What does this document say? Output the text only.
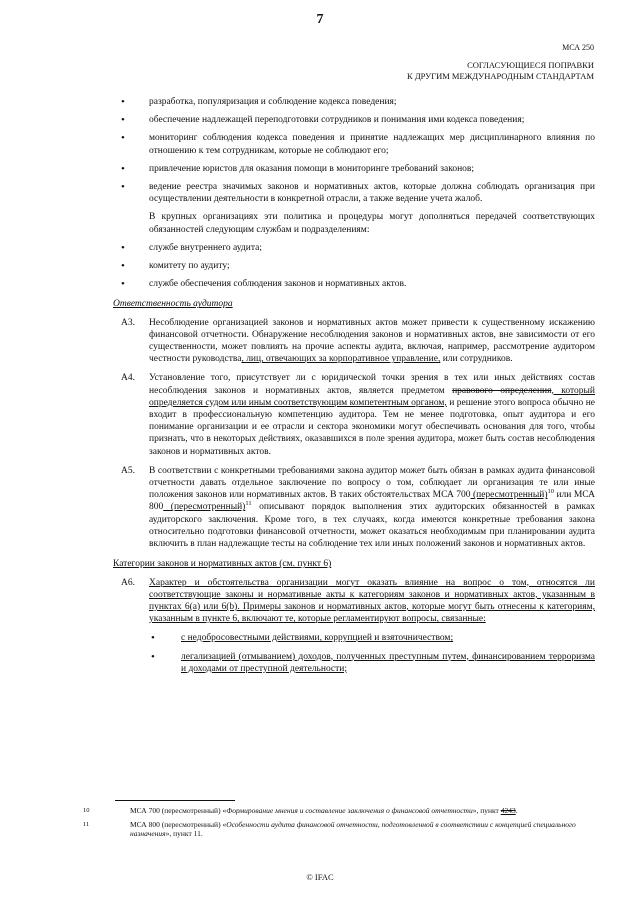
7
МСА 250
СОГЛАСУЮЩИЕСЯ ПОПРАВКИ
К ДРУГИМ МЕЖДУНАРОДНЫМ СТАНДАРТАМ
• разработка, популяризация и соблюдение кодекса поведения;
• обеспечение надлежащей переподготовки сотрудников и понимания ими кодекса поведения;
• мониторинг соблюдения кодекса поведения и принятие надлежащих мер дисциплинарного влияния по отношению к тем сотрудникам, которые не соблюдают его;
• привлечение юристов для оказания помощи в мониторинге требований законов;
• ведение реестра значимых законов и нормативных актов, которые должна соблюдать организация при осуществлении деятельности в конкретной отрасли, а также ведение учета жалоб.
В крупных организациях эти политика и процедуры могут дополняться передачей соответствующих обязанностей следующим службам и подразделениям:
• службе внутреннего аудита;
• комитету по аудиту;
• службе обеспечения соблюдения законов и нормативных актов.
Ответственность аудитора
А3. Несоблюдение организацией законов и нормативных актов может привести к существенному искажению финансовой отчетности. Обнаружение несоблюдения законов и нормативных актов, вне зависимости от его существенности, может повлиять на прочие аспекты аудита, включая, например, рассмотрение аудитором честности руководства, лиц, отвечающих за корпоративное управление, или сотрудников.
А4. Установление того, присутствует ли с юридической точки зрения в тех или иных действиях состав несоблюдения законов и нормативных актов, является предметом правового определения, который определяется судом или иным соответствующим компетентным органом, и решение этого вопроса обычно не входит в профессиональную компетенцию аудитора. Тем не менее подготовка, опыт аудитора и его понимание организации и ее отрасли и сектора экономики могут обеспечивать основания для того, чтобы признать, что в некоторых действиях, оказавшихся в поле зрения аудитора, может быть состав несоблюдения законов и нормативных актов.
А5. В соответствии с конкретными требованиями закона аудитор может быть обязан в рамках аудита финансовой отчетности давать отдельное заключение по вопросу о том, соблюдает ли организация те или иные положения законов или нормативных актов. В таких обстоятельствах МСА 700 (пересмотренный)$^{10}$ или МСА 800 (пересмотренный)$^{11}$ описывают порядок выполнения этих аудиторских обязанностей в рамках аудиторского заключения. Кроме того, в тех случаях, когда имеются конкретные требования закона относительно подготовки финансовой отчетности, может оказаться необходимым при планировании аудита включить в план надлежащие тесты на соблюдение тех или иных положений законов и нормативных актов.
Категории законов и нормативных актов (см. пункт 6)
А6. Характер и обстоятельства организации могут оказать влияние на вопрос о том, относятся ли соответствующие законы и нормативные акты к категориям законов и нормативных актов, указанным в пунктах 6(a) или 6(b). Примеры законов и нормативных актов, которые могут быть отнесены к категориям, указанным в пункте 6, включают те, которые регламентируют вопросы, связанные:
• с недобросовестными действиями, коррупцией и взяточничеством;
• легализацией (отмыванием) доходов, полученных преступным путем, финансированием терроризма и доходами от преступной деятельности;
10	МСА 700 (пересмотренный) «Формирование мнения и составление заключения о финансовой отчетности», пункт 4243.
11	МСА 800 (пересмотренный) «Особенности аудита финансовой отчетности, подготовленной в соответствии с концепцией специального назначения», пункт 11.
© IFAC
